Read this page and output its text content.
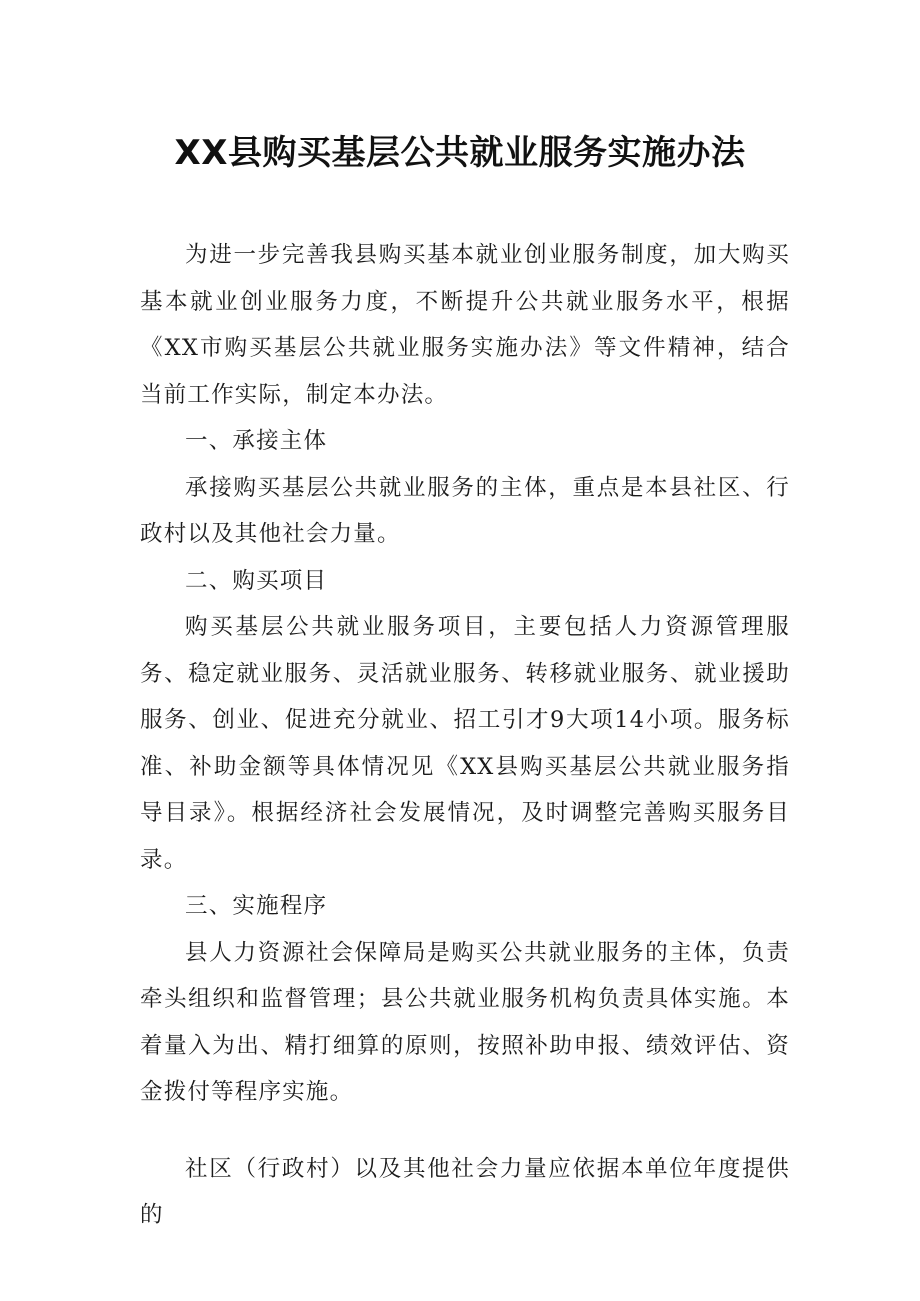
XX县购买基层公共就业服务实施办法

为进一步完善我县购买基本就业创业服务制度，加大购买基本就业创业服务力度，不断提升公共就业服务水平，根据《XX市购买基层公共就业服务实施办法》等文件精神，结合当前工作实际，制定本办法。

一、承接主体

承接购买基层公共就业服务的主体，重点是本县社区、行政村以及其他社会力量。

二、购买项目

购买基层公共就业服务项目，主要包括人力资源管理服务、稳定就业服务、灵活就业服务、转移就业服务、就业援助服务、创业、促进充分就业、招工引才9大项14小项。服务标准、补助金额等具体情况见《XX县购买基层公共就业服务指导目录》。根据经济社会发展情况，及时调整完善购买服务目录。

三、实施程序

县人力资源社会保障局是购买公共就业服务的主体，负责牵头组织和监督管理；县公共就业服务机构负责具体实施。本着量入为出、精打细算的原则，按照补助申报、绩效评估、资金拨付等程序实施。

社区（行政村）以及其他社会力量应依据本单位年度提供的
